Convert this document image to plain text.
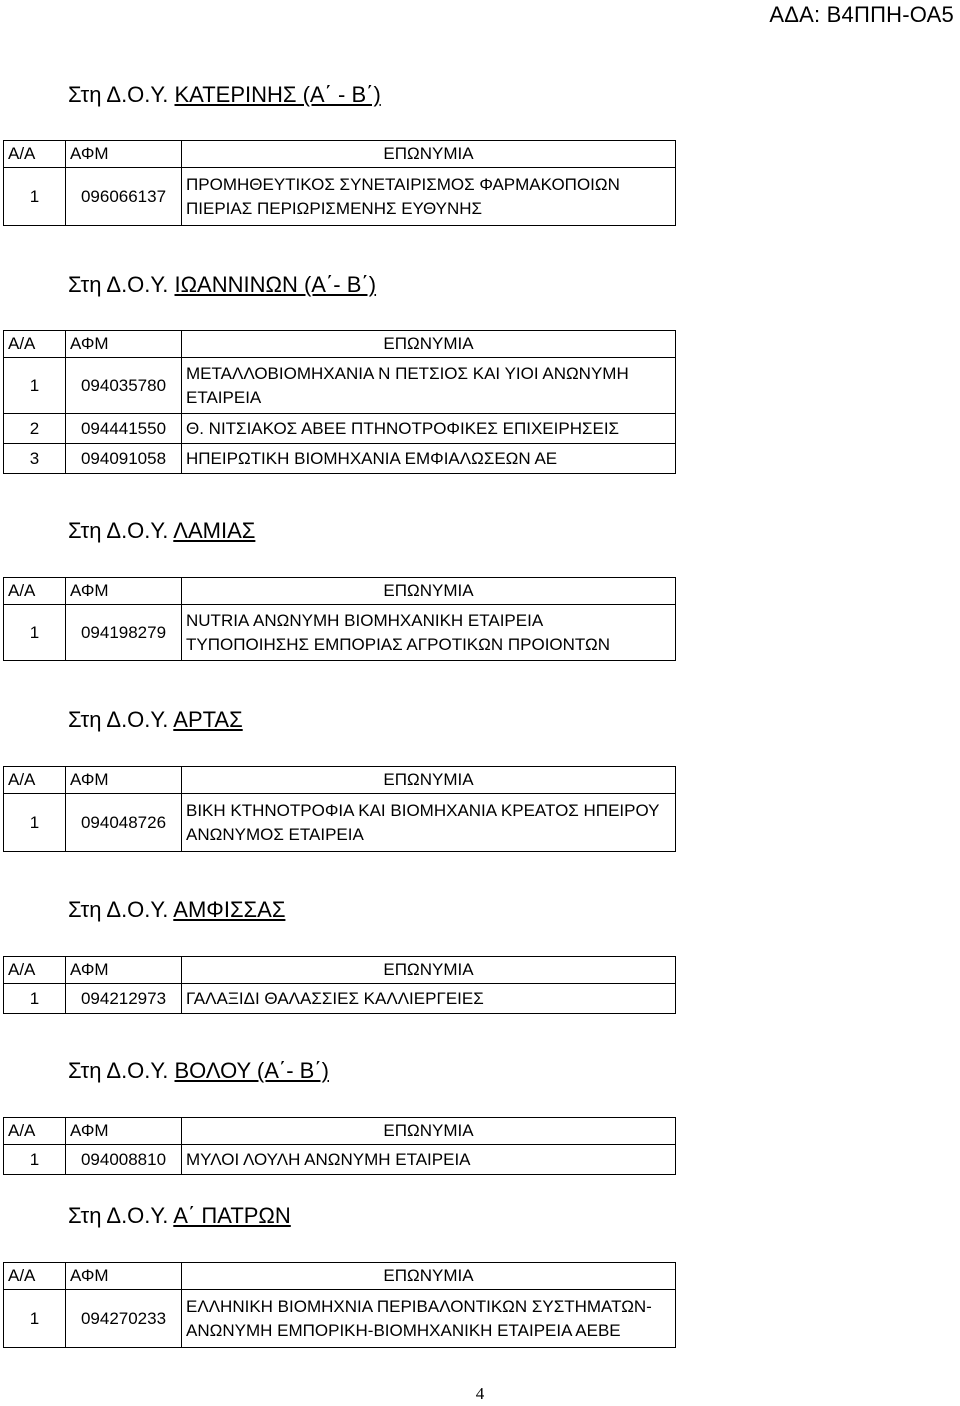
ΑΔΑ: Β4ΠΠΗ-ΟΑ5
Στη Δ.Ο.Υ. ΚΑΤΕΡΙΝΗΣ (Α΄ - Β΄)
Α/Α	ΑΦΜ	ΕΠΩΝΥΜΙΑ
1	096066137	ΠΡΟΜΗΘΕΥΤΙΚΟΣ ΣΥΝΕΤΑΙΡΙΣΜΟΣ ΦΑΡΜΑΚΟΠΟΙΩΝ
ΠΙΕΡΙΑΣ ΠΕΡΙΩΡΙΣΜΕΝΗΣ ΕΥΘΥΝΗΣ
Στη Δ.Ο.Υ. ΙΩΑΝΝΙΝΩΝ (Α΄- Β΄)
Α/Α	ΑΦΜ	ΕΠΩΝΥΜΙΑ
1	094035780	ΜΕΤΑΛΛΟΒΙΟΜΗΧΑΝΙΑ Ν ΠΕΤΣΙΟΣ ΚΑΙ ΥΙΟΙ ΑΝΩΝΥΜΗ
ΕΤΑΙΡΕΙΑ

2	094441550	Θ. ΝΙΤΣΙΑΚΟΣ ΑΒΕΕ ΠΤΗΝΟΤΡΟΦΙΚΕΣ ΕΠΙΧΕΙΡΗΣΕΙΣ

3	094091058	ΗΠΕΙΡΩΤΙΚΗ ΒΙΟΜΗΧΑΝΙΑ ΕΜΦΙΑΛΩΣΕΩΝ ΑΕ
Στη Δ.Ο.Υ. ΛΑΜΙΑΣ
Α/Α	ΑΦΜ	ΕΠΩΝΥΜΙΑ
1	094198279	NUTRIA ΑΝΩΝΥΜΗ ΒΙΟΜΗΧΑΝΙΚΗ ΕΤΑΙΡΕΙΑ
ΤΥΠΟΠΟΙΗΣΗΣ ΕΜΠΟΡΙΑΣ ΑΓΡΟΤΙΚΩΝ ΠΡΟΙΟΝΤΩΝ
Στη Δ.Ο.Υ. ΑΡΤΑΣ
Α/Α	ΑΦΜ	ΕΠΩΝΥΜΙΑ
1	094048726	ΒΙΚΗ ΚΤΗΝΟΤΡΟΦΙΑ ΚΑΙ ΒΙΟΜΗΧΑΝΙΑ ΚΡΕΑΤΟΣ ΗΠΕΙΡΟΥ
ΑΝΩΝΥΜΟΣ ΕΤΑΙΡΕΙΑ
Στη Δ.Ο.Υ. ΑΜΦΙΣΣΑΣ
Α/Α	ΑΦΜ	ΕΠΩΝΥΜΙΑ
1	094212973	ΓΑΛΑΞΙΔΙ ΘΑΛΑΣΣΙΕΣ ΚΑΛΛΙΕΡΓΕΙΕΣ
Στη Δ.Ο.Υ. ΒΟΛΟΥ (Α΄- Β΄)
Α/Α	ΑΦΜ	ΕΠΩΝΥΜΙΑ
1	094008810	ΜΥΛΟΙ ΛΟΥΛΗ ΑΝΩΝΥΜΗ ΕΤΑΙΡΕΙΑ
Στη Δ.Ο.Υ. Α΄ ΠΑΤΡΩΝ
Α/Α	ΑΦΜ	ΕΠΩΝΥΜΙΑ
1	094270233	ΕΛΛΗΝΙΚΗ ΒΙΟΜΗΧΝΙΑ ΠΕΡΙΒΑΛΟΝΤΙΚΩΝ ΣΥΣΤΗΜΑΤΩΝ-
ΑΝΩΝΥΜΗ ΕΜΠΟΡΙΚΗ-ΒΙΟΜΗΧΑΝΙΚΗ ΕΤΑΙΡΕΙΑ ΑΕΒΕ
4
